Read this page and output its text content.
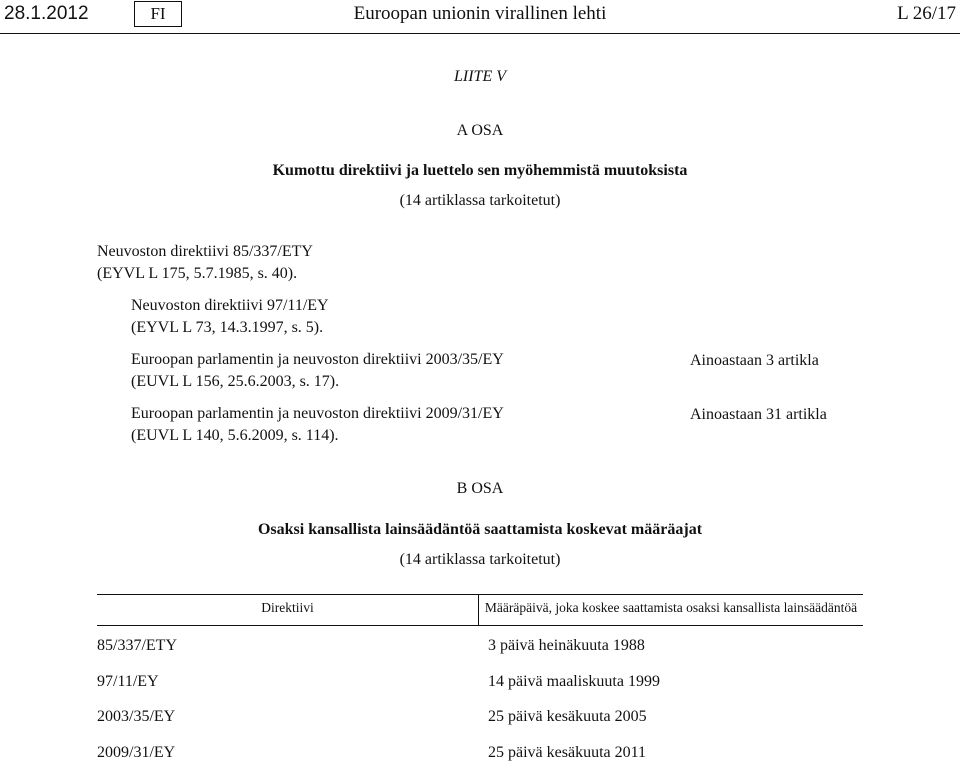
Euroopan unionin virallinen lehti
28.1.2012	FI	L 26/17
LIITE V
A OSA
Kumottu direktiivi ja luettelo sen myöhemmistä muutoksista
(14 artiklassa tarkoitetut)
Neuvoston direktiivi 85/337/ETY
(EYVL L 175, 5.7.1985, s. 40).
Neuvoston direktiivi 97/11/EY
(EYVL L 73, 14.3.1997, s. 5).
Euroopan parlamentin ja neuvoston direktiivi 2003/35/EY
(EUVL L 156, 25.6.2003, s. 17).
Ainoastaan 3 artikla
Euroopan parlamentin ja neuvoston direktiivi 2009/31/EY
(EUVL L 140, 5.6.2009, s. 114).
Ainoastaan 31 artikla
B OSA
Osaksi kansallista lainsäädäntöä saattamista koskevat määräajat
(14 artiklassa tarkoitetut)
Direktiivi	Määräpäivä, joka koskee saattamista osaksi kansallista lainsäädäntöä
85/337/ETY	3 päivä heinäkuuta 1988
97/11/EY	14 päivä maaliskuuta 1999
2003/35/EY	25 päivä kesäkuuta 2005
2009/31/EY	25 päivä kesäkuuta 2011
